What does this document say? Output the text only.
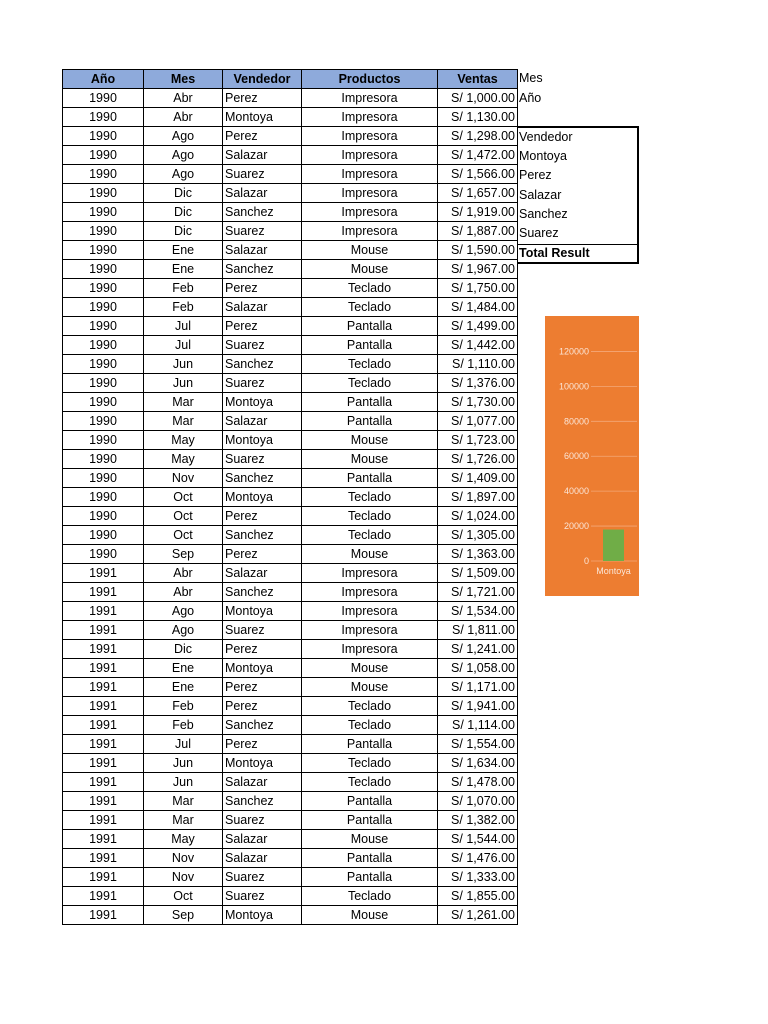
Año	Mes	Vendedor	Productos	Ventas
1990	Abr	Perez	Impresora	S/ 1,000.00
1990	Abr	Montoya	Impresora	S/ 1,130.00
1990	Ago	Perez	Impresora	S/ 1,298.00
1990	Ago	Salazar	Impresora	S/ 1,472.00
1990	Ago	Suarez	Impresora	S/ 1,566.00
1990	Dic	Salazar	Impresora	S/ 1,657.00
1990	Dic	Sanchez	Impresora	S/ 1,919.00
1990	Dic	Suarez	Impresora	S/ 1,887.00
1990	Ene	Salazar	Mouse	S/ 1,590.00
1990	Ene	Sanchez	Mouse	S/ 1,967.00
1990	Feb	Perez	Teclado	S/ 1,750.00
1990	Feb	Salazar	Teclado	S/ 1,484.00
1990	Jul	Perez	Pantalla	S/ 1,499.00
1990	Jul	Suarez	Pantalla	S/ 1,442.00
1990	Jun	Sanchez	Teclado	S/ 1,110.00
1990	Jun	Suarez	Teclado	S/ 1,376.00
1990	Mar	Montoya	Pantalla	S/ 1,730.00
1990	Mar	Salazar	Pantalla	S/ 1,077.00
1990	May	Montoya	Mouse	S/ 1,723.00
1990	May	Suarez	Mouse	S/ 1,726.00
1990	Nov	Sanchez	Pantalla	S/ 1,409.00
1990	Oct	Montoya	Teclado	S/ 1,897.00
1990	Oct	Perez	Teclado	S/ 1,024.00
1990	Oct	Sanchez	Teclado	S/ 1,305.00
1990	Sep	Perez	Mouse	S/ 1,363.00
1991	Abr	Salazar	Impresora	S/ 1,509.00
1991	Abr	Sanchez	Impresora	S/ 1,721.00
1991	Ago	Montoya	Impresora	S/ 1,534.00
1991	Ago	Suarez	Impresora	S/ 1,811.00
1991	Dic	Perez	Impresora	S/ 1,241.00
1991	Ene	Montoya	Mouse	S/ 1,058.00
1991	Ene	Perez	Mouse	S/ 1,171.00
1991	Feb	Perez	Teclado	S/ 1,941.00
1991	Feb	Sanchez	Teclado	S/ 1,114.00
1991	Jul	Perez	Pantalla	S/ 1,554.00
1991	Jun	Montoya	Teclado	S/ 1,634.00
1991	Jun	Salazar	Teclado	S/ 1,478.00
1991	Mar	Sanchez	Pantalla	S/ 1,070.00
1991	Mar	Suarez	Pantalla	S/ 1,382.00
1991	May	Salazar	Mouse	S/ 1,544.00
1991	Nov	Salazar	Pantalla	S/ 1,476.00
1991	Nov	Suarez	Pantalla	S/ 1,333.00
1991	Oct	Suarez	Teclado	S/ 1,855.00
1991	Sep	Montoya	Mouse	S/ 1,261.00
Mes
Año
Vendedor
Montoya
Perez
Salazar
Sanchez
Suarez
Total Result
0
20000
40000
60000
80000
100000
120000
Montoya
